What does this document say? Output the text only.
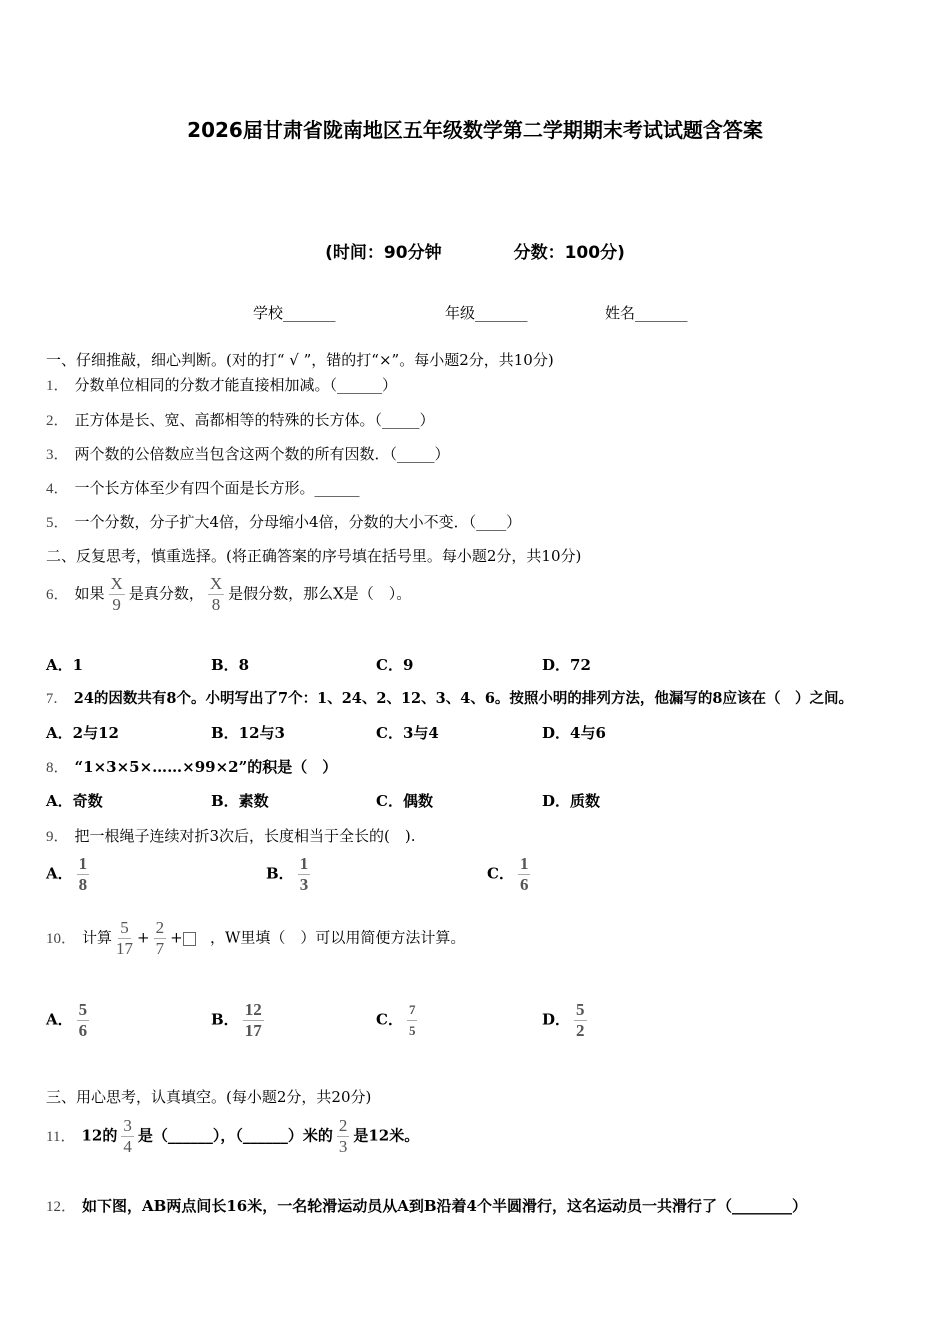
2026届甘肃省陇南地区五年级数学第二学期期末考试试题含答案
(时间：90分钟	分数：100分)
学校_______	年级_______	姓名_______
一、仔细推敲，细心判断。(对的打“ √ ”，错的打“×”。每小题2分，共10分)
1． 分数单位相同的分数才能直接相加减。（______）
2． 正方体是长、宽、高都相等的特殊的长方体。（_____）
3． 两个数的公倍数应当包含这两个数的所有因数．（_____）
4． 一个长方体至少有四个面是长方形。______
5． 一个分数，分子扩大4倍，分母缩小4倍，分数的大小不变．（____）
二、反复思考，慎重选择。(将正确答案的序号填在括号里。每小题2分，共10分)
6． 如果 $\frac{X}{9}$ 是真分数， $\frac{X}{8}$ 是假分数，那么X是（　）。
A．1	B．8	C．9	D．72
7． 24的因数共有8个。小明写出了7个：1、24、2、12、3、4、6。按照小明的排列方法，他漏写的8应该在（　）之间。
A．2与12	B．12与3	C．3与4	D．4与6
8． “1×3×5×……×99×2”的积是（　）
A．奇数	B．素数	C．偶数	D．质数
9． 把一根绳子连续对折3次后，长度相当于全长的(　).
A． $\frac{1}{8}$	B． $\frac{1}{3}$	C． $\frac{1}{6}$
10． 计算 $\frac{5}{17} + \frac{2}{7}$ + ，W里填（　）可以用简便方法计算。
A． $\frac{5}{6}$	B． $\frac{12}{17}$	C． $\frac{7}{5}$	D． $\frac{5}{2}$
三、用心思考，认真填空。(每小题2分，共20分)
11． 12的 $\frac{3}{4}$ 是（______），（______）米的 $\frac{2}{3}$ 是12米。
12． 如下图，AB两点间长16米，一名轮滑运动员从A到B沿着4个半圆滑行，这名运动员一共滑行了（________）
